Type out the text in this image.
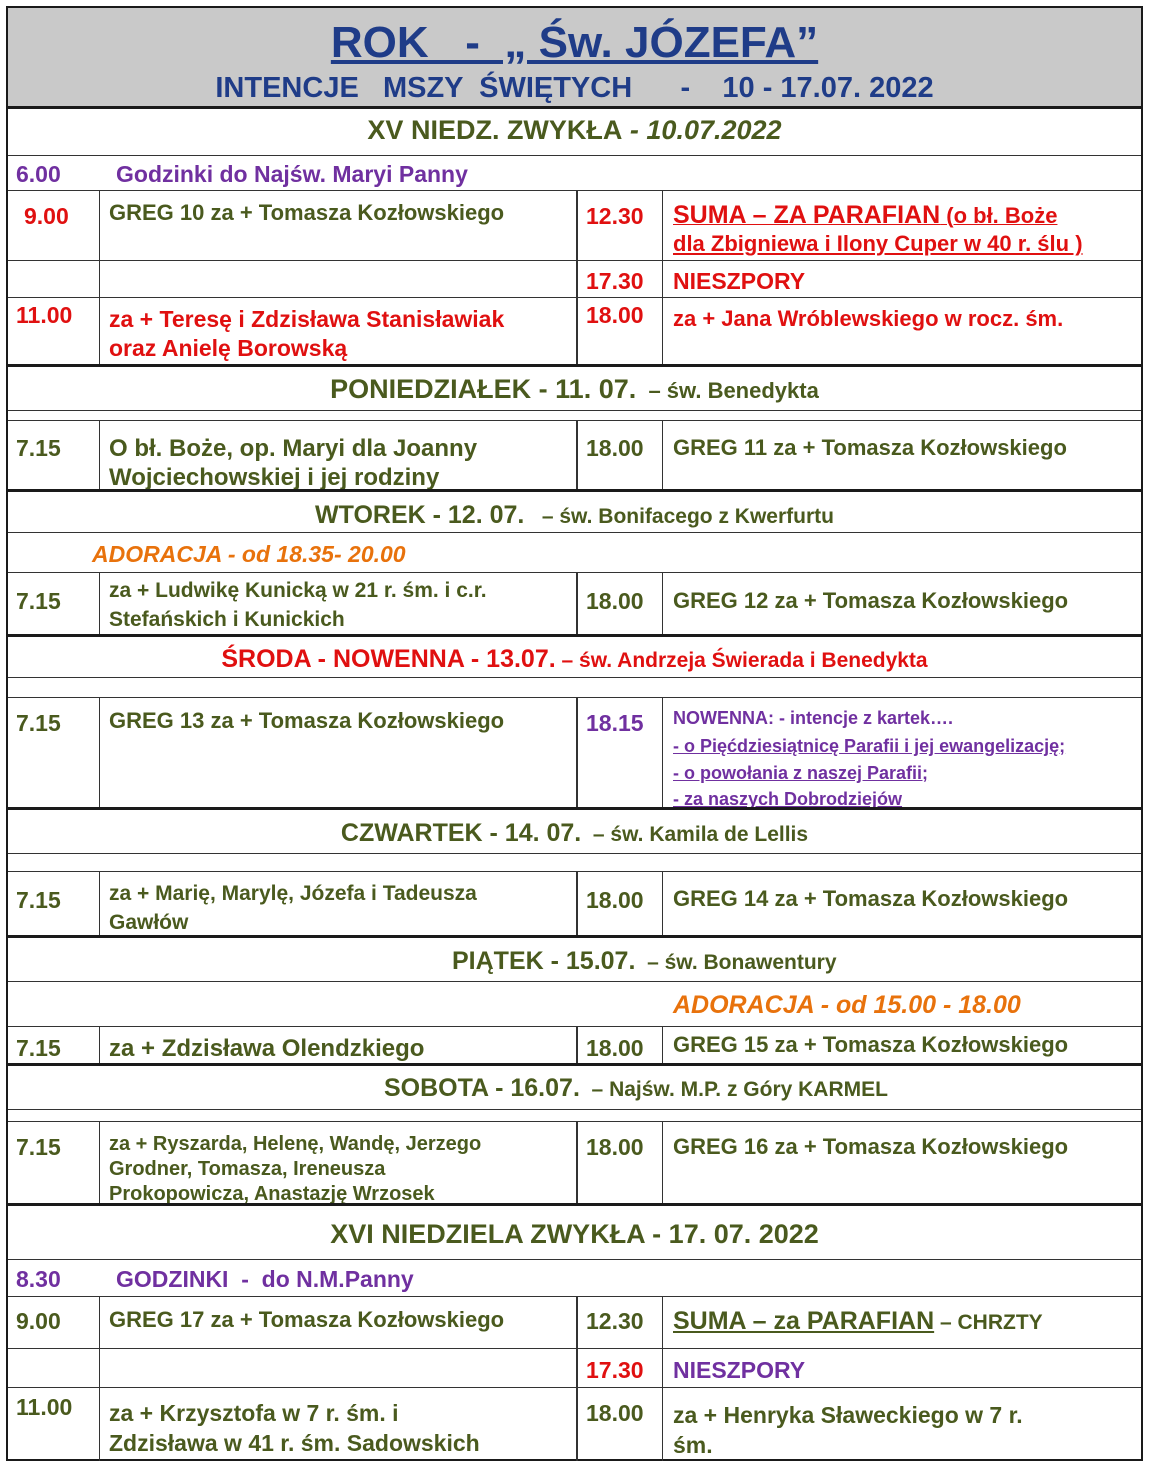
ROK   -  „ Św. JÓZEFA”
INTENCJE   MSZY  ŚWIĘTYCH      -    10 - 17.07. 2022
XV NIEDZ. ZWYKŁA - 10.07.2022
6.00 Godzinki do Najśw. Maryi Panny
9.00 GREG 10 za + Tomasza Kozłowskiego	12.30 SUMA – ZA PARAFIAN (o bł. Boże
dla Zbigniewa i Ilony Cuper w 40 r. ślu )
17.30 NIESZPORY
11.00 za + Teresę i Zdzisława Stanisławiak
oraz Anielę Borowską
18.00 za + Jana Wróblewskiego w rocz. śm.
PONIEDZIAŁEK - 11. 07.  – św. Benedykta
7.15 O bł. Boże, op. Maryi dla Joanny
Wojciechowskiej i jej rodziny
18.00 GREG 11 za + Tomasza Kozłowskiego
WTOREK - 12. 07.   – św. Bonifacego z Kwerfurtu
ADORACJA - od 18.35- 20.00
7.15 za + Ludwikę Kunicką w 21 r. śm. i c.r.
Stefańskich i Kunickich
18.00 GREG 12 za + Tomasza Kozłowskiego
ŚRODA - NOWENNA - 13.07. – św. Andrzeja Świerada i Benedykta
7.15 GREG 13 za + Tomasza Kozłowskiego	18.15 NOWENNA: - intencje z kartek….
- o Pięćdziesiątnicę Parafii i jej ewangelizację;
- o powołania z naszej Parafii;
- za naszych Dobrodziejów
CZWARTEK - 14. 07.  – św. Kamila de Lellis
7.15 za + Marię, Marylę, Józefa i Tadeusza
Gawłów
18.00 GREG 14 za + Tomasza Kozłowskiego
PIĄTEK - 15.07.  – św. Bonawentury
ADORACJA - od 15.00 - 18.00
7.15 za + Zdzisława Olendzkiego	18.00 GREG 15 za + Tomasza Kozłowskiego
SOBOTA - 16.07.  – Najśw. M.P. z Góry KARMEL
7.15 za + Ryszarda, Helenę, Wandę, Jerzego
Grodner, Tomasza, Ireneusza
Prokopowicza, Anastazję Wrzosek
18.00 GREG 16 za + Tomasza Kozłowskiego
XVI NIEDZIELA ZWYKŁA - 17. 07. 2022
8.30 GODZINKI  -  do N.M.Panny
9.00 GREG 17 za + Tomasza Kozłowskiego	12.30 SUMA – za PARAFIAN – CHRZTY
17.30 NIESZPORY
11.00 za + Krzysztofa w 7 r. śm. i
Zdzisława w 41 r. śm. Sadowskich
18.00 za + Henryka Sławeckiego w 7 r.
śm.
